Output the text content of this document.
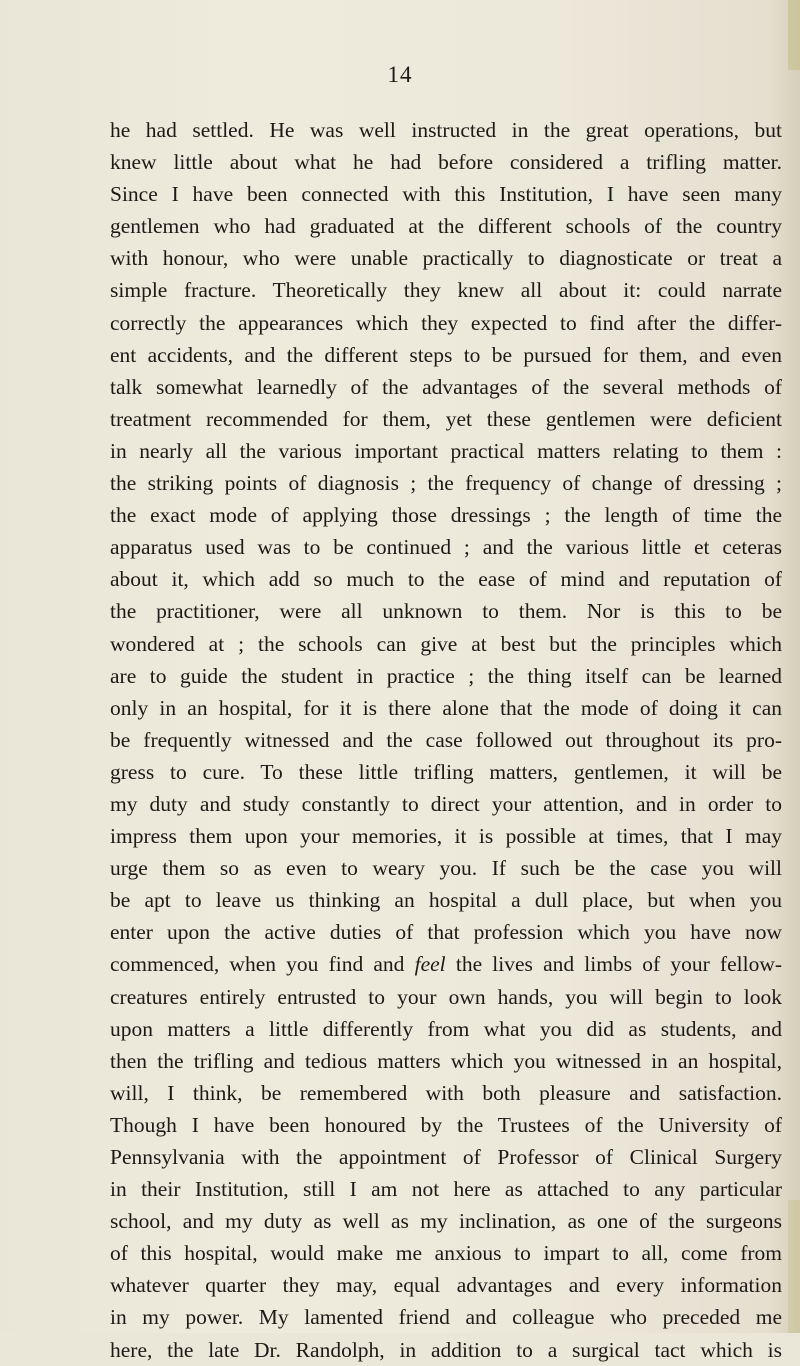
14
he had settled. He was well instructed in the great operations, but
knew little about what he had before considered a trifling matter.
Since I have been connected with this Institution, I have seen many
gentlemen who had graduated at the different schools of the country
with honour, who were unable practically to diagnosticate or treat a
simple fracture. Theoretically they knew all about it: could narrate
correctly the appearances which they expected to find after the differ-
ent accidents, and the different steps to be pursued for them, and even
talk somewhat learnedly of the advantages of the several methods of
treatment recommended for them, yet these gentlemen were deficient
in nearly all the various important practical matters relating to them :
the striking points of diagnosis ; the frequency of change of dressing ;
the exact mode of applying those dressings ; the length of time the
apparatus used was to be continued ; and the various little et ceteras
about it, which add so much to the ease of mind and reputation of
the practitioner, were all unknown to them. Nor is this to be
wondered at ; the schools can give at best but the principles which
are to guide the student in practice ; the thing itself can be learned
only in an hospital, for it is there alone that the mode of doing it can
be frequently witnessed and the case followed out throughout its pro-
gress to cure. To these little trifling matters, gentlemen, it will be
my duty and study constantly to direct your attention, and in order to
impress them upon your memories, it is possible at times, that I may
urge them so as even to weary you. If such be the case you will
be apt to leave us thinking an hospital a dull place, but when you
enter upon the active duties of that profession which you have now
commenced, when you find and feel the lives and limbs of your fellow-
creatures entirely entrusted to your own hands, you will begin to look
upon matters a little differently from what you did as students, and
then the trifling and tedious matters which you witnessed in an hospital,
will, I think, be remembered with both pleasure and satisfaction.
Though I have been honoured by the Trustees of the University of
Pennsylvania with the appointment of Professor of Clinical Surgery
in their Institution, still I am not here as attached to any particular
school, and my duty as well as my inclination, as one of the surgeons
of this hospital, would make me anxious to impart to all, come from
whatever quarter they may, equal advantages and every information
in my power. My lamented friend and colleague who preceded me
here, the late Dr. Randolph, in addition to a surgical tact which is
